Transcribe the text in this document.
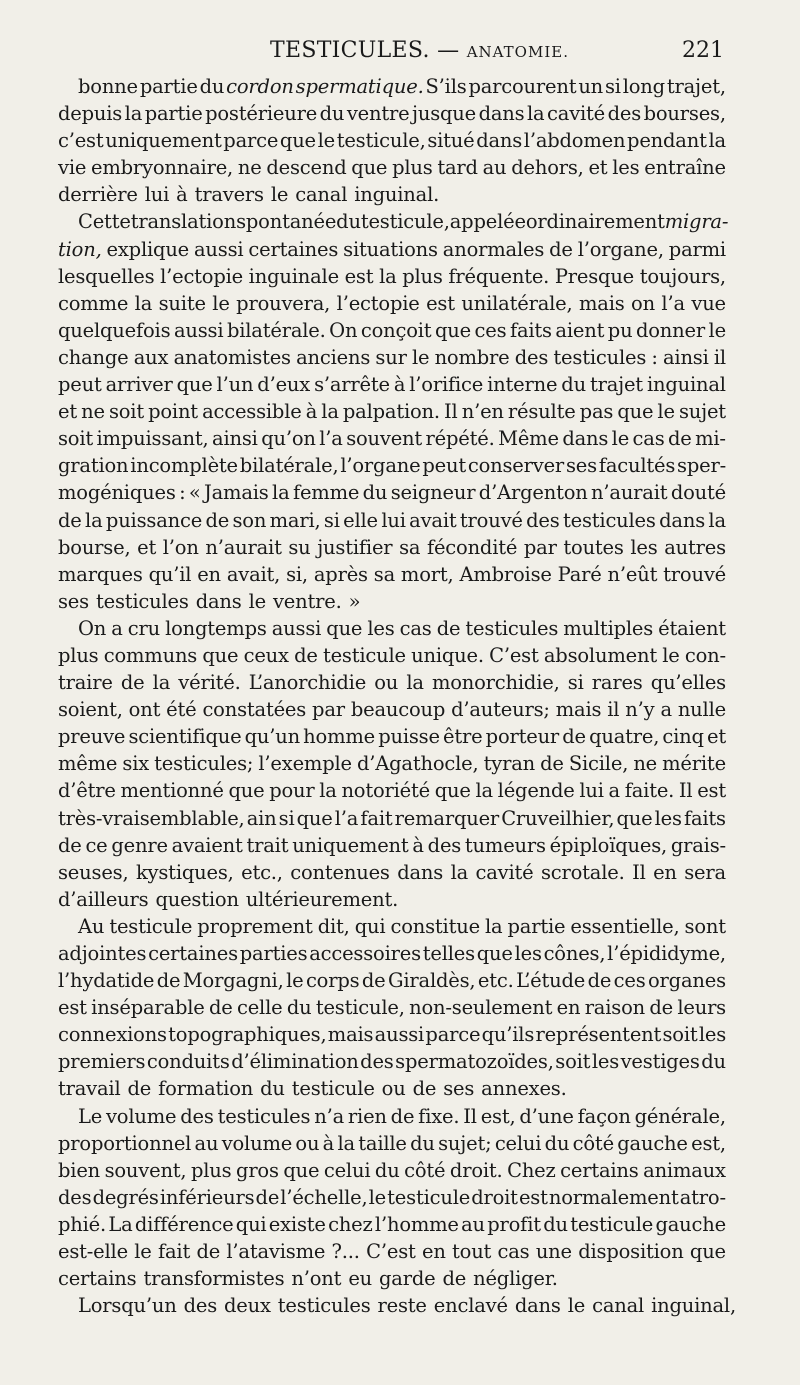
TESTICULES. — ANATOMIE.	221
bonne partie du cordon spermatique. S’ils parcourent un si long trajet,
depuis la partie postérieure du ventre jusque dans la cavité des bourses,
c’est uniquement parce que le testicule, situé dans l’abdomen pendant la
vie embryonnaire, ne descend que plus tard au dehors, et les entraîne
derrière lui à travers le canal inguinal.
Cette translation spontanée du testicule, appelée ordinairement migra-
tion, explique aussi certaines situations anormales de l’organe, parmi
lesquelles l’ectopie inguinale est la plus fréquente. Presque toujours,
comme la suite le prouvera, l’ectopie est unilatérale, mais on l’a vue
quelquefois aussi bilatérale. On conçoit que ces faits aient pu donner le
change aux anatomistes anciens sur le nombre des testicules : ainsi il
peut arriver que l’un d’eux s’arrête à l’orifice interne du trajet inguinal
et ne soit point accessible à la palpation. Il n’en résulte pas que le sujet
soit impuissant, ainsi qu’on l’a souvent répété. Même dans le cas de mi-
gration incomplète bilatérale, l’organe peut conserver ses facultés sper-
mogéniques : « Jamais la femme du seigneur d’Argenton n’aurait douté
de la puissance de son mari, si elle lui avait trouvé des testicules dans la
bourse, et l’on n’aurait su justifier sa fécondité par toutes les autres
marques qu’il en avait, si, après sa mort, Ambroise Paré n’eût trouvé
ses testicules dans le ventre. »
On a cru longtemps aussi que les cas de testicules multiples étaient
plus communs que ceux de testicule unique. C’est absolument le con-
traire de la vérité. L’anorchidie ou la monorchidie, si rares qu’elles
soient, ont été constatées par beaucoup d’auteurs; mais il n’y a nulle
preuve scientifique qu’un homme puisse être porteur de quatre, cinq et
même six testicules; l’exemple d’Agathocle, tyran de Sicile, ne mérite
d’être mentionné que pour la notoriété que la légende lui a faite. Il est
très-vraisemblable, ain si que l’a fait remarquer Cruveilhier, que les faits
de ce genre avaient trait uniquement à des tumeurs épiploïques, grais-
seuses, kystiques, etc., contenues dans la cavité scrotale. Il en sera
d’ailleurs question ultérieurement.
Au testicule proprement dit, qui constitue la partie essentielle, sont
adjointes certaines parties accessoires telles que les cônes, l’épididyme,
l’hydatide de Morgagni, le corps de Giraldès, etc. L’étude de ces organes
est inséparable de celle du testicule, non-seulement en raison de leurs
connexions topographiques, mais aussi parce qu’ils représentent soit les
premiers conduits d’élimination des spermatozoïdes, soit les vestiges du
travail de formation du testicule ou de ses annexes.
Le volume des testicules n’a rien de fixe. Il est, d’une façon générale,
proportionnel au volume ou à la taille du sujet; celui du côté gauche est,
bien souvent, plus gros que celui du côté droit. Chez certains animaux
des degrés inférieurs de l’échelle, le testicule droit est normalement atro-
phié. La différence qui existe chez l’homme au profit du testicule gauche
est-elle le fait de l’atavisme ?... C’est en tout cas une disposition que
certains transformistes n’ont eu garde de négliger.
Lorsqu’un des deux testicules reste enclavé dans le canal inguinal,
